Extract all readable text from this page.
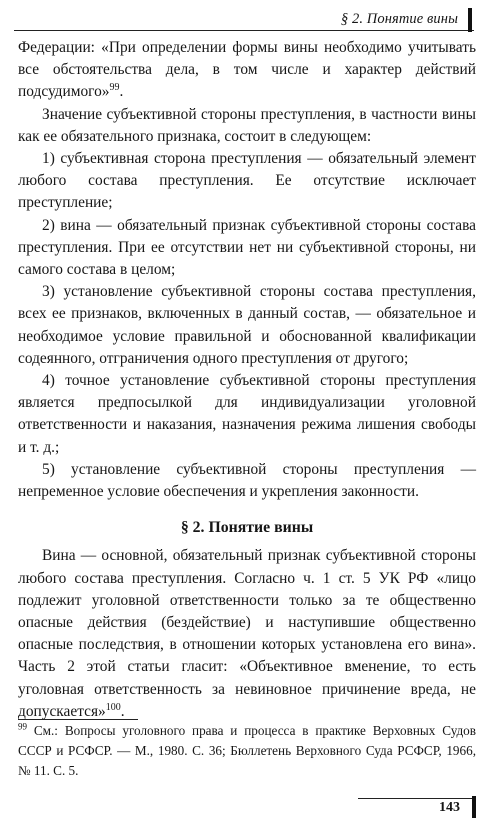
§ 2. Понятие вины

Федерации: «При определении формы вины необходимо учитывать все обстоятельства дела, в том числе и характер действий подсудимого»$^{99}$.

Значение субъективной стороны преступления, в частности вины как ее обязательного признака, состоит в следующем:

1) субъективная сторона преступления — обязательный элемент любого состава преступления. Ее отсутствие исключает преступление;

2) вина — обязательный признак субъективной стороны состава преступления. При ее отсутствии нет ни субъективной стороны, ни самого состава в целом;

3) установление субъективной стороны состава преступления, всех ее признаков, включенных в данный состав, — обязательное и необходимое условие правильной и обоснованной квалификации содеянного, отграничения одного преступления от другого;

4) точное установление субъективной стороны преступления является предпосылкой для индивидуализации уголовной ответственности и наказания, назначения режима лишения свободы и т. д.;

5) установление субъективной стороны преступления — непременное условие обеспечения и укрепления законности.

§ 2. Понятие вины

Вина — основной, обязательный признак субъективной стороны любого состава преступления. Согласно ч. 1 ст. 5 УК РФ «лицо подлежит уголовной ответственности только за те общественно опасные действия (бездействие) и наступившие общественно опасные последствия, в отношении которых установлена его вина». Часть 2 этой статьи гласит: «Объективное вменение, то есть уголовная ответственность за невиновное причинение вреда, не допускается»$^{100}$.

$^{99}$ См.: Вопросы уголовного права и процесса в практике Верховных Судов СССР и РСФСР. — М., 1980. С. 36; Бюллетень Верховного Суда РСФСР, 1966, № 11. С. 5.
143
